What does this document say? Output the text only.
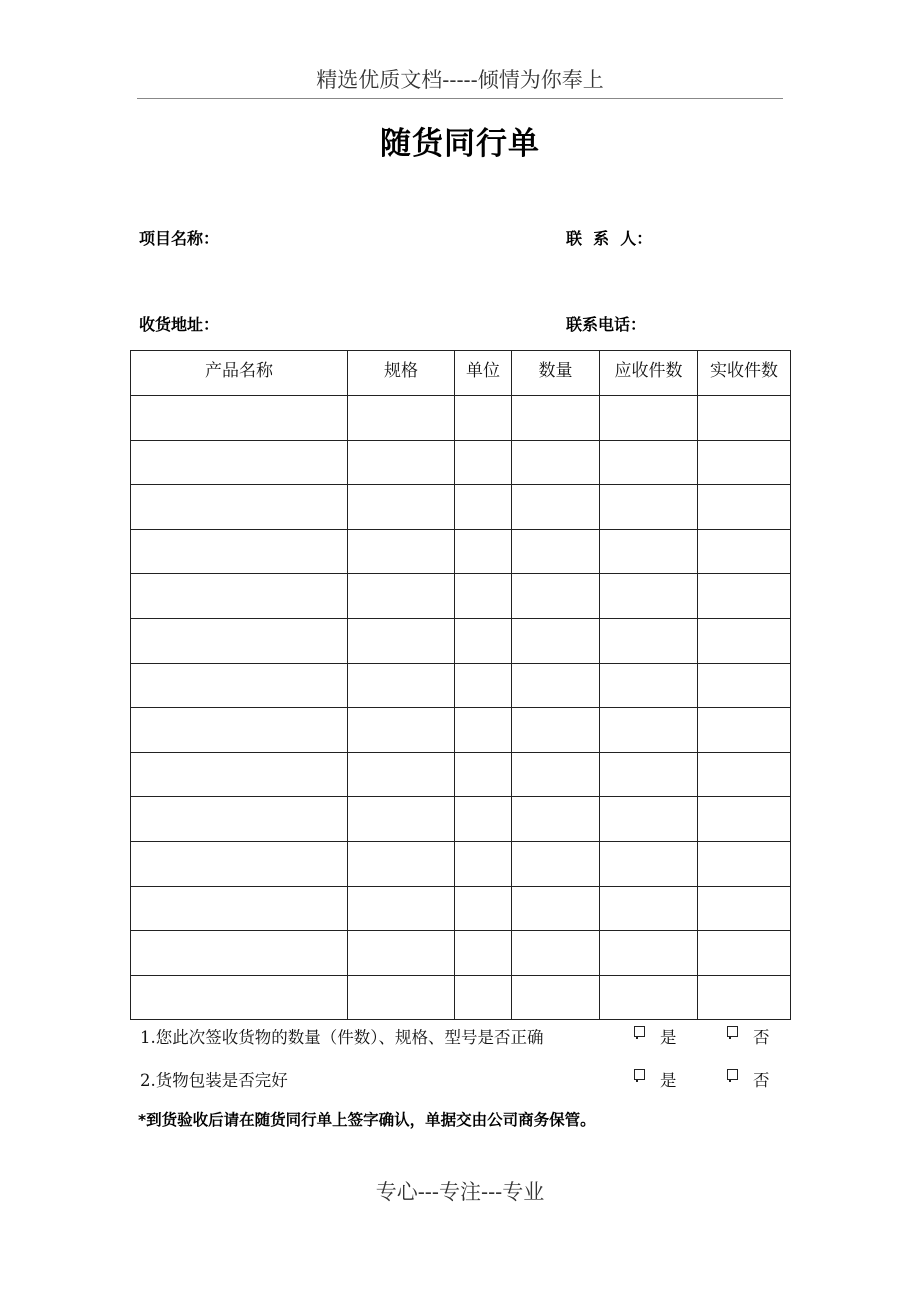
精选优质文档-----倾情为你奉上
随货同行单
项目名称：	联  系  人：
收货地址：	联系电话：
产品名称	规格	单位	数量	应收件数	实收件数

1.您此次签收货物的数量（件数）、规格、型号是否正确	是	否
2.货物包装是否完好	是	否
*到货验收后请在随货同行单上签字确认，单据交由公司商务保管。
专心---专注---专业
